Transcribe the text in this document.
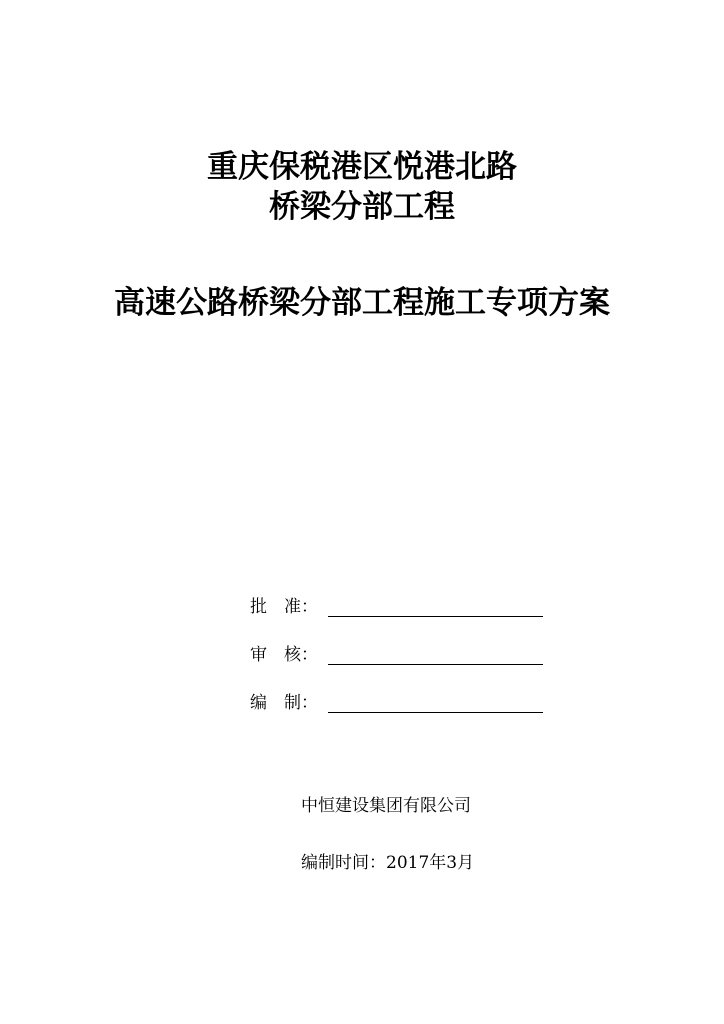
重庆保税港区悦港北路
桥梁分部工程
高速公路桥梁分部工程施工专项方案
批　准：
审　核：
编　制：
中恒建设集团有限公司
编制时间：2017年3月
